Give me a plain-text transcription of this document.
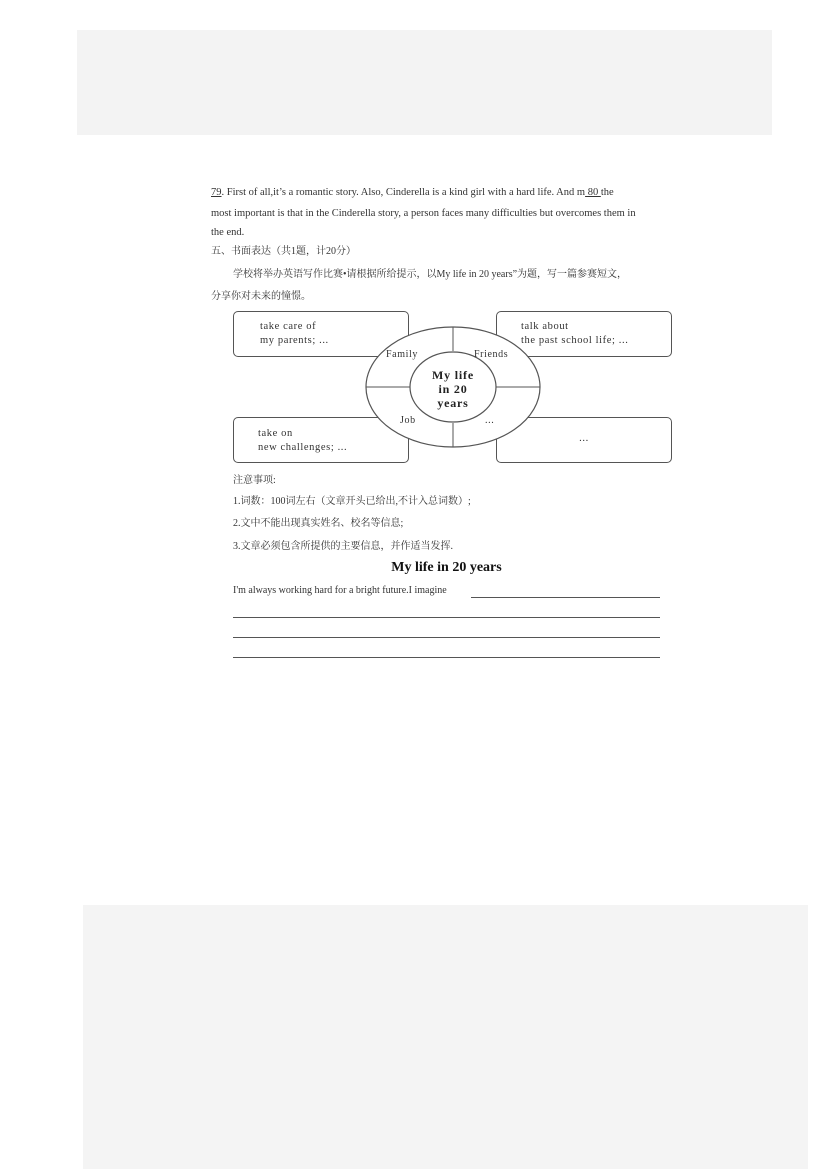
79. First of all,it’s a romantic story. Also, Cinderella is a kind girl with a hard life. And m 80 the
most important is that in the Cinderella story, a person faces many difficulties but overcomes them in
the end.
五、书面表达（共1题，计20分）
学校将举办英语写作比赛•请根据所给提示，以My life in 20 years”为题，写一篇参赛短文，
分享你对未来的憧憬。
take care of
my parents; ...
talk about
the past school life; ...
take on
new challenges; ...
...
Family	Friends
Job	...
My life
in 20
years
注意事项:
1.词数：100词左右（文章开头已给出,不计入总词数）;
2.文中不能出现真实姓名、校名等信息;
3.文章必须包含所提供的主要信息，并作适当发挥.
My life in 20 years
I'm always working hard for a bright future.I imagine
